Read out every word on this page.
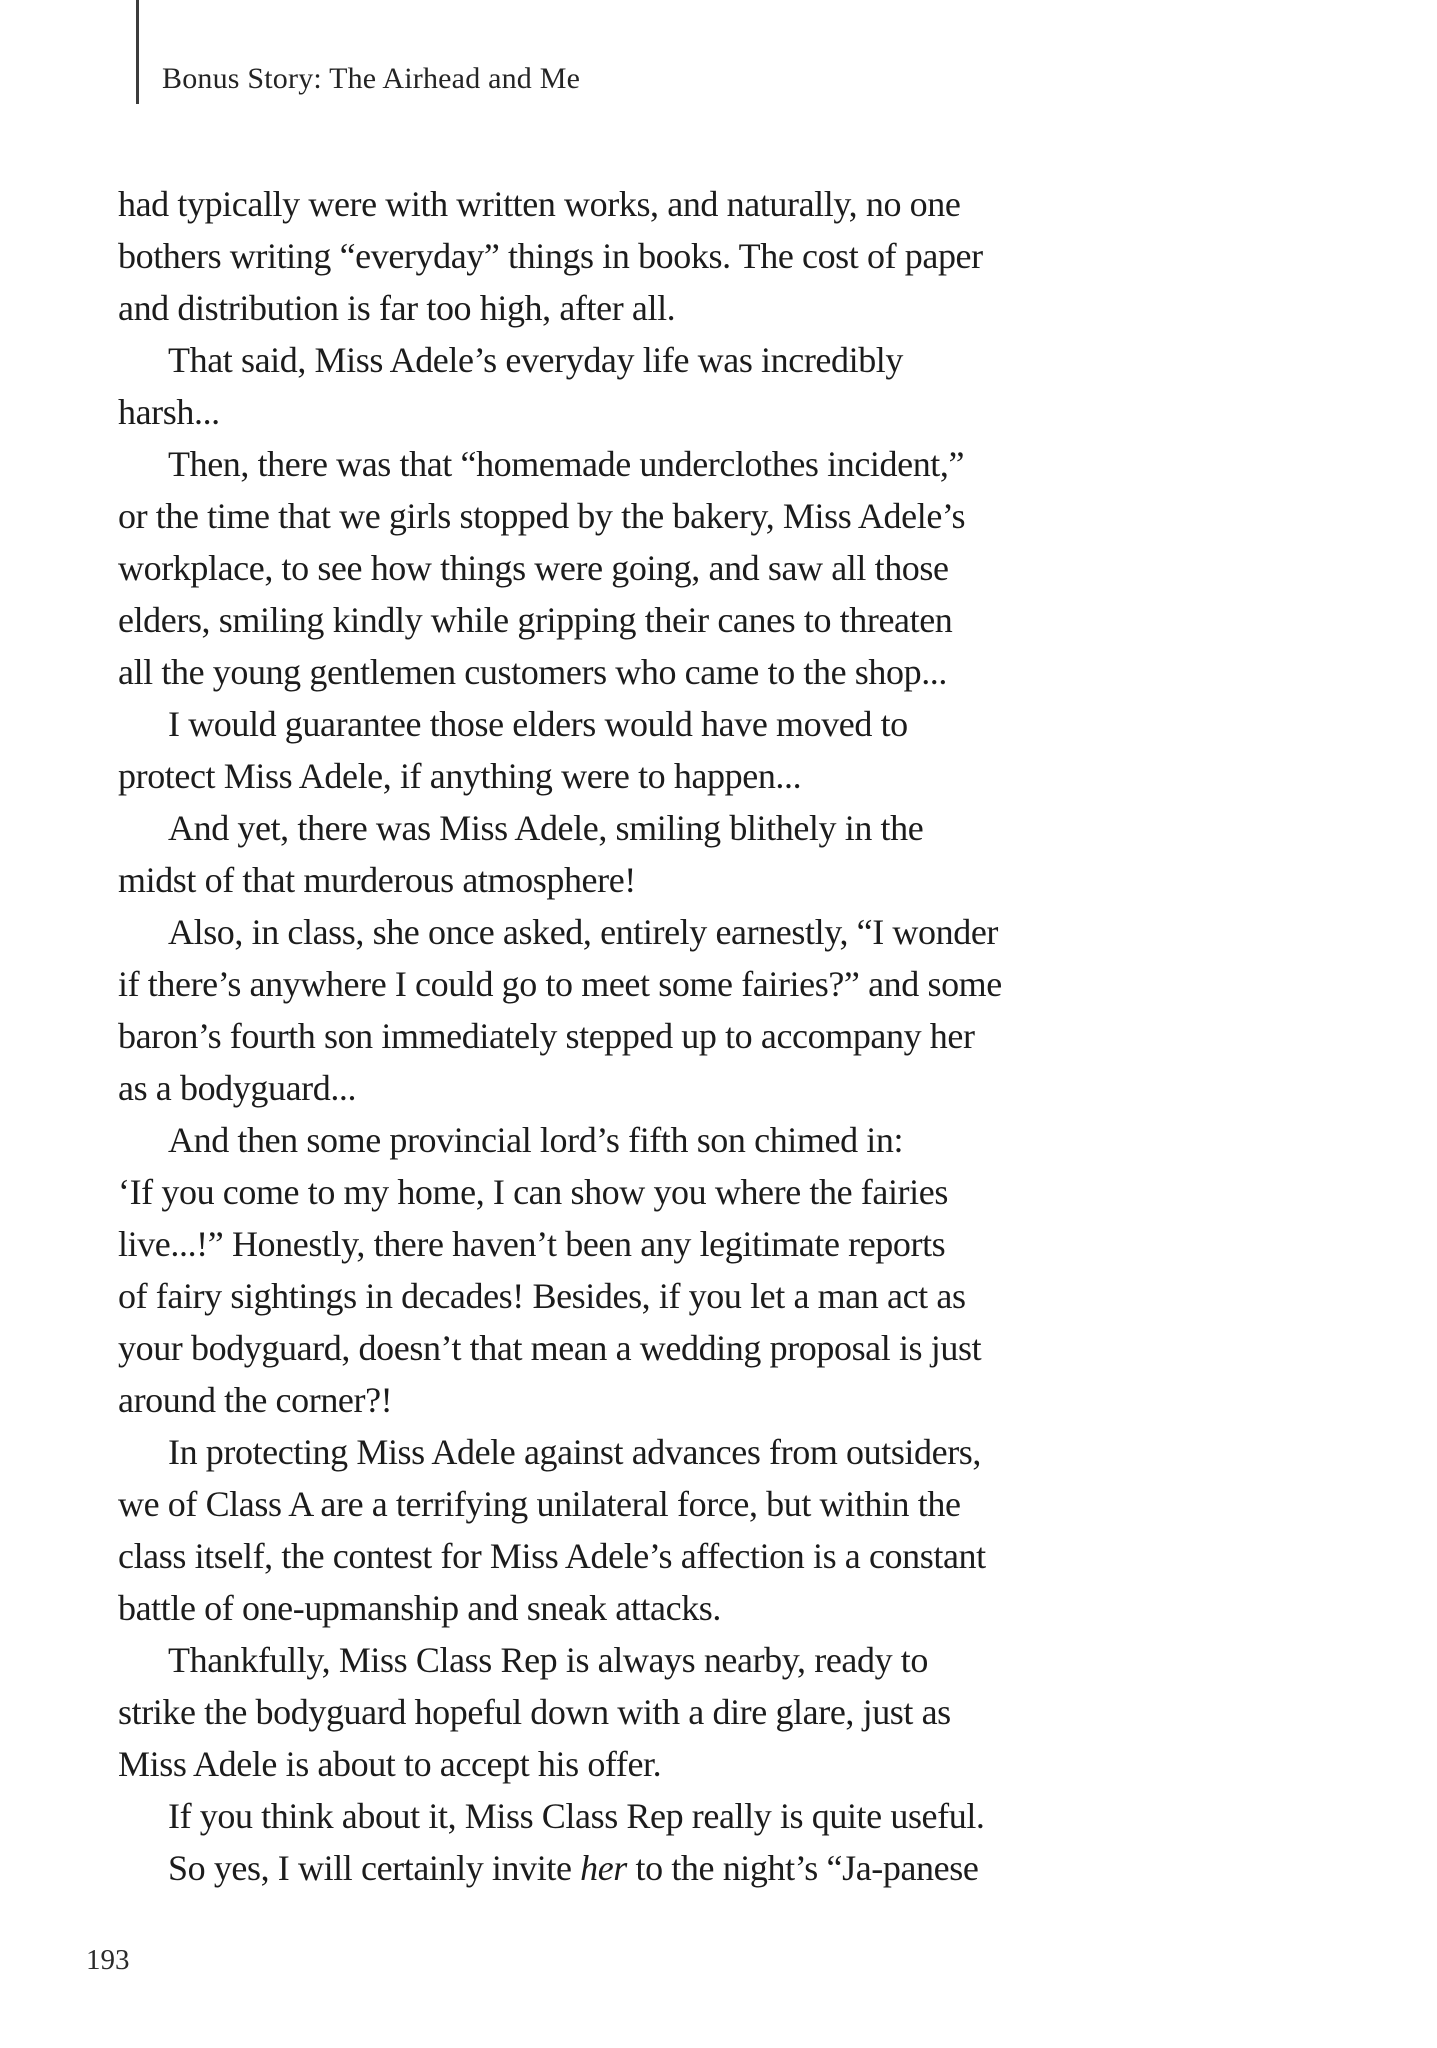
Bonus Story: The Airhead and Me

had typically were with written works, and naturally, no one
bothers writing “everyday” things in books. The cost of paper
and distribution is far too high, after all.

That said, Miss Adele’s everyday life was incredibly
harsh...

Then, there was that “homemade underclothes incident,”
or the time that we girls stopped by the bakery, Miss Adele’s
workplace, to see how things were going, and saw all those
elders, smiling kindly while gripping their canes to threaten
all the young gentlemen customers who came to the shop...

I would guarantee those elders would have moved to
protect Miss Adele, if anything were to happen...

And yet, there was Miss Adele, smiling blithely in the
midst of that murderous atmosphere!

Also, in class, she once asked, entirely earnestly, “I wonder
if there’s anywhere I could go to meet some fairies?” and some
baron’s fourth son immediately stepped up to accompany her
as a bodyguard...

And then some provincial lord’s fifth son chimed in:
‘If you come to my home, I can show you where the fairies
live...!” Honestly, there haven’t been any legitimate reports
of fairy sightings in decades! Besides, if you let a man act as
your bodyguard, doesn’t that mean a wedding proposal is just
around the corner?!

In protecting Miss Adele against advances from outsiders,
we of Class A are a terrifying unilateral force, but within the
class itself, the contest for Miss Adele’s affection is a constant
battle of one-upmanship and sneak attacks.

Thankfully, Miss Class Rep is always nearby, ready to
strike the bodyguard hopeful down with a dire glare, just as
Miss Adele is about to accept his offer.

If you think about it, Miss Class Rep really is quite useful.

So yes, I will certainly invite her to the night’s “Ja-panese

193
